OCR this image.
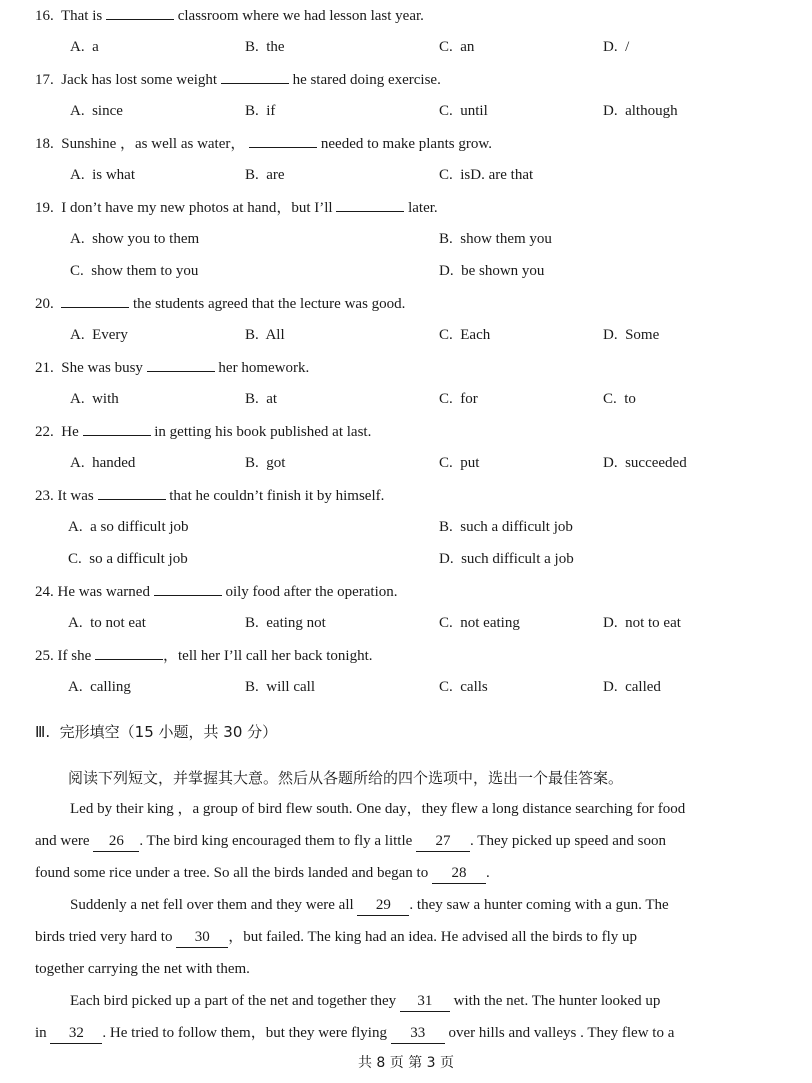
16. That is	classroom where we had lesson last year.
A. a	B. the	C. an	D. /
17. Jack has lost some weight	he stared doing exercise.
A. since	B. if	C. until	D. although
18. Sunshine ，as well as water，	needed to make plants grow.
A. is what	B. are	C. isD. are that
19. I don’t have my new photos at hand，but I’ll	later.
A. show you to them	B. show them you
C. show them to you	D. be shown you
20.	the students agreed that the lecture was good.
A. Every	B. All	C. Each	D. Some
21. She was busy	her homework.
A. with	B. at	C. for	C. to
22. He	in getting his book published at last.
A. handed	B. got	C. put	D. succeeded
23. It was	that he couldn’t finish it by himself.
A. a so difficult job	B. such a difficult job
C. so a difficult job	D. such difficult a job
24. He was warned	oily food after the operation.
A. to not eat	B. eating not	C. not eating	D. not to eat
25. If she	，tell her I’ll call her back tonight.
A. calling	B. will call	C. calls	D. called
Ⅲ. 完形填空（15 小题，共 30 分）
阅读下列短文，并掌握其大意。然后从各题所给的四个选项中，选出一个最佳答案。
Led by their king ，a group of bird flew south. One day，they flew a long distance searching for food
and were 26 . The bird king encouraged them to fly a little 27 . They picked up speed and soon
found some rice under a tree. So all the birds landed and began to 28 .
Suddenly a net fell over them and they were all 29 . they saw a hunter coming with a gun. The
birds tried very hard to 30 ，but failed. The king had an idea. He advised all the birds to fly up
together carrying the net with them.
Each bird picked up a part of the net and together they 31 with the net. The hunter looked up
in 32 . He tried to follow them，but they were flying 33 over hills and valleys . They flew to a
共 8 页 第 3 页
